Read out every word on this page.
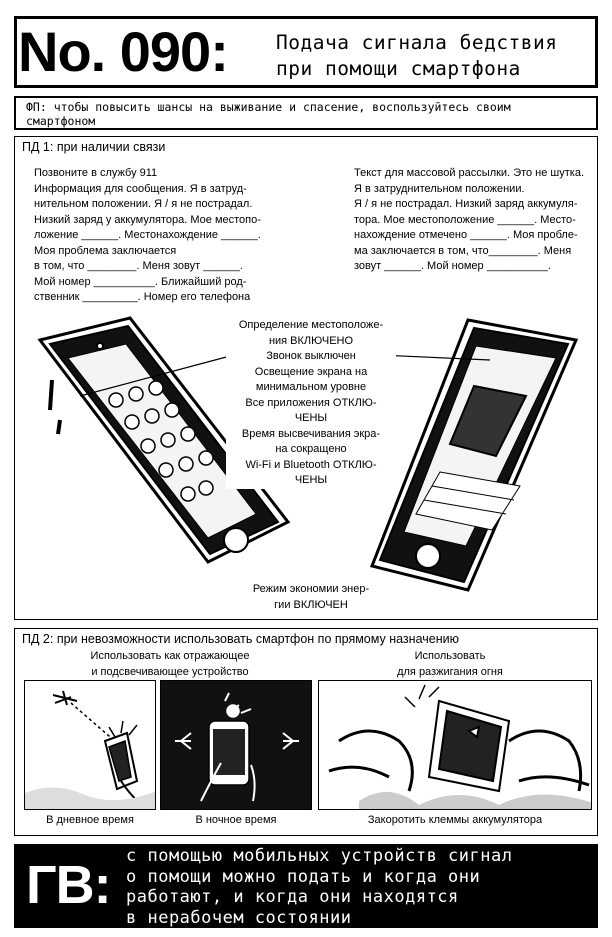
No. 090: Подача сигнала бедствия
при помощи смартфона
ФП: чтобы повысить шансы на выживание и спасение, воспользуйтесь своим
смартфоном
ПД 1: при наличии связи
Позвоните в службу 911
Информация для сообщения. Я в затруд-
нительном положении. Я / я не пострадал.
Низкий заряд у аккумулятора. Мое местопо-
ложение ______. Местонахождение ______.
Моя проблема заключается
в том, что ________. Меня зовут ______.
Мой номер __________. Ближайший род-
ственник _________. Номер его телефона
Текст для массовой рассылки. Это не шутка.
Я в затруднительном положении.
Я / я не пострадал. Низкий заряд аккумуля-
тора. Мое местоположение ______. Место-
нахождение отмечено ______. Моя пробле-
ма заключается в том, что________. Меня
зовут ______. Мой номер __________.
Определение местоположе-
ния ВКЛЮЧЕНО
Звонок выключен
Освещение экрана на
минимальном уровне
Все приложения ОТКЛЮ-
ЧЕНЫ
Время высвечивания экра-
на сокращено
Wi-Fi и Bluetooth ОТКЛЮ-
ЧЕНЫ
Режим экономии энер-
гии ВКЛЮЧЕН
ПД 2: при невозможности использовать смартфон по прямому назначению
Использовать как отражающее
и подсвечивающее устройство
Использовать
для разжигания огня
В дневное время	В ночное время	Закоротить клеммы аккумулятора
ГВ: с помощью мобильных устройств сигнал
о помощи можно подать и когда они
работают, и когда они находятся
в нерабочем состоянии
